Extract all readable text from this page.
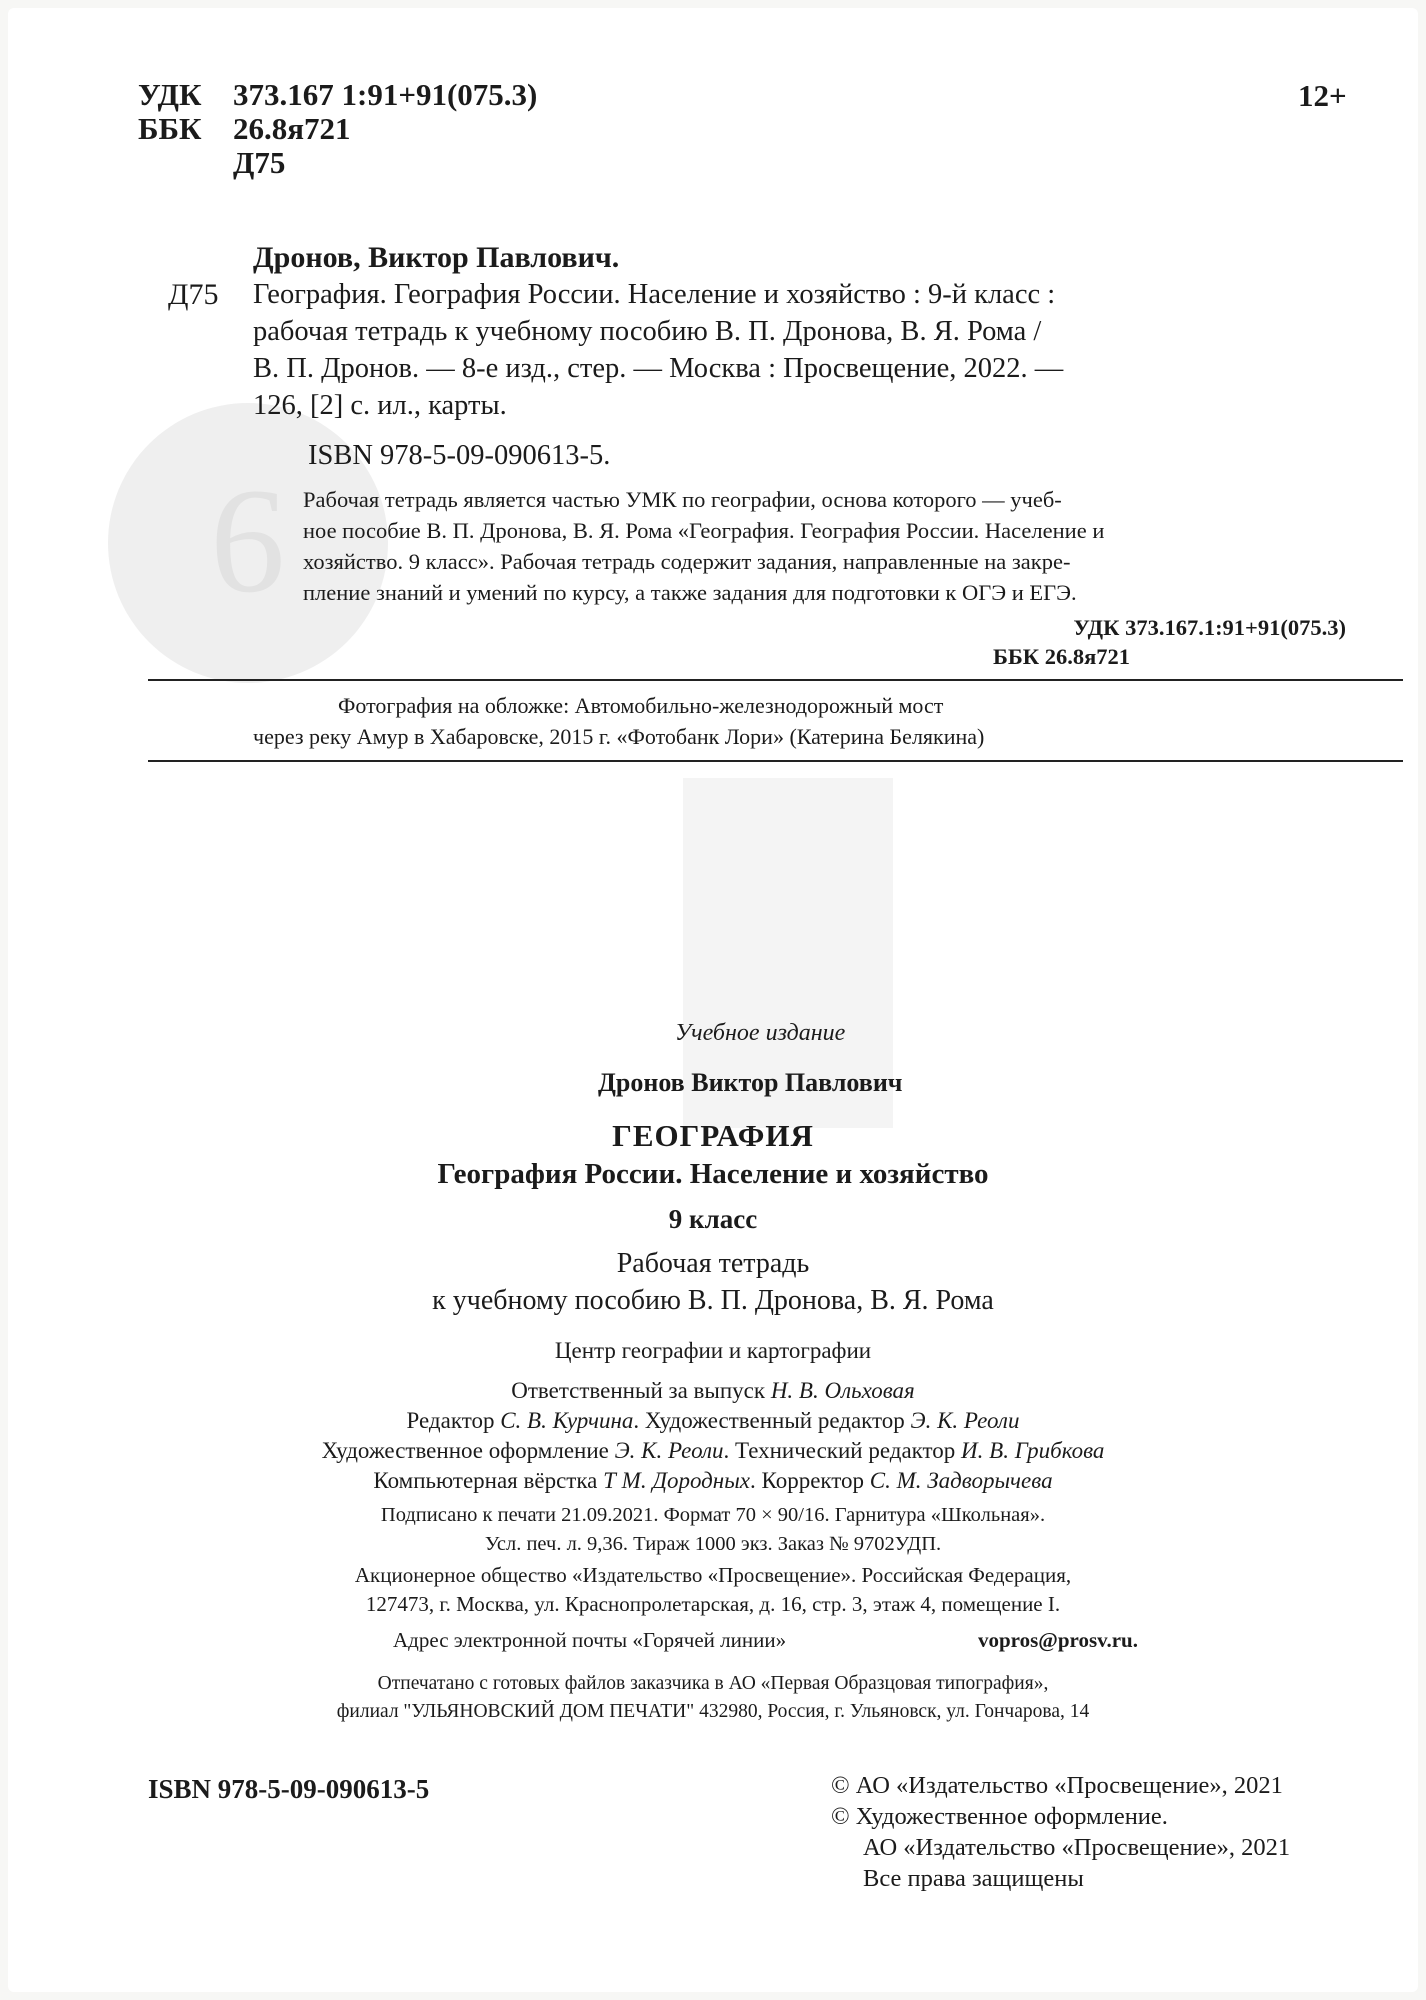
9
УДК 373.167 1:91+91(075.3)
ББК 26.8я721
Д75
12+
Дронов, Виктор Павлович.
Д75 География. География России. Население и хозяйство : 9-й класс :
рабочая тетрадь к учебному пособию В. П. Дронова, В. Я. Рома /
В. П. Дронов. — 8-е изд., стер. — Москва : Просвещение, 2022. —
126, [2] с. ил., карты.
ISBN 978-5-09-090613-5.
Рабочая тетрадь является частью УМК по географии, основа которого — учеб-
ное пособие В. П. Дронова, В. Я. Рома «География. География России. Население и
хозяйство. 9 класс». Рабочая тетрадь содержит задания, направленные на закре-
пление знаний и умений по курсу, а также задания для подготовки к ОГЭ и ЕГЭ.
УДК 373.167.1:91+91(075.3)
ББК 26.8я721
Фотография на обложке: Автомобильно-железнодорожный мост
через реку Амур в Хабаровске, 2015 г. «Фотобанк Лори» (Катерина Белякина)
Учебное издание
Дронов Виктор Павлович
ГЕОГРАФИЯ
География России. Население и хозяйство
9 класс
Рабочая тетрадь
к учебному пособию В. П. Дронова, В. Я. Рома
Центр географии и картографии
Ответственный за выпуск Н. В. Ольховая
Редактор С. В. Курчина. Художественный редактор Э. К. Реоли
Художественное оформление Э. К. Реоли. Технический редактор И. В. Грибкова
Компьютерная вёрстка Т М. Дородных. Корректор С. М. Задворычева
Подписано к печати 21.09.2021. Формат 70 × 90/16. Гарнитура «Школьная».
Усл. печ. л. 9,36. Тираж 1000 экз. Заказ № 9702УДП.
Акционерное общество «Издательство «Просвещение». Российская Федерация,
127473, г. Москва, ул. Краснопролетарская, д. 16, стр. 3, этаж 4, помещение I.
Адрес электронной почты «Горячей линии»	vopros@prosv.ru.
Отпечатано с готовых файлов заказчика в АО «Первая Образцовая типография»,
филиал "УЛЬЯНОВСКИЙ ДОМ ПЕЧАТИ" 432980, Россия, г. Ульяновск, ул. Гончарова, 14
ISBN 978-5-09-090613-5	© АО «Издательство «Просвещение», 2021
© Художественное оформление.
АО «Издательство «Просвещение», 2021
Все права защищены
